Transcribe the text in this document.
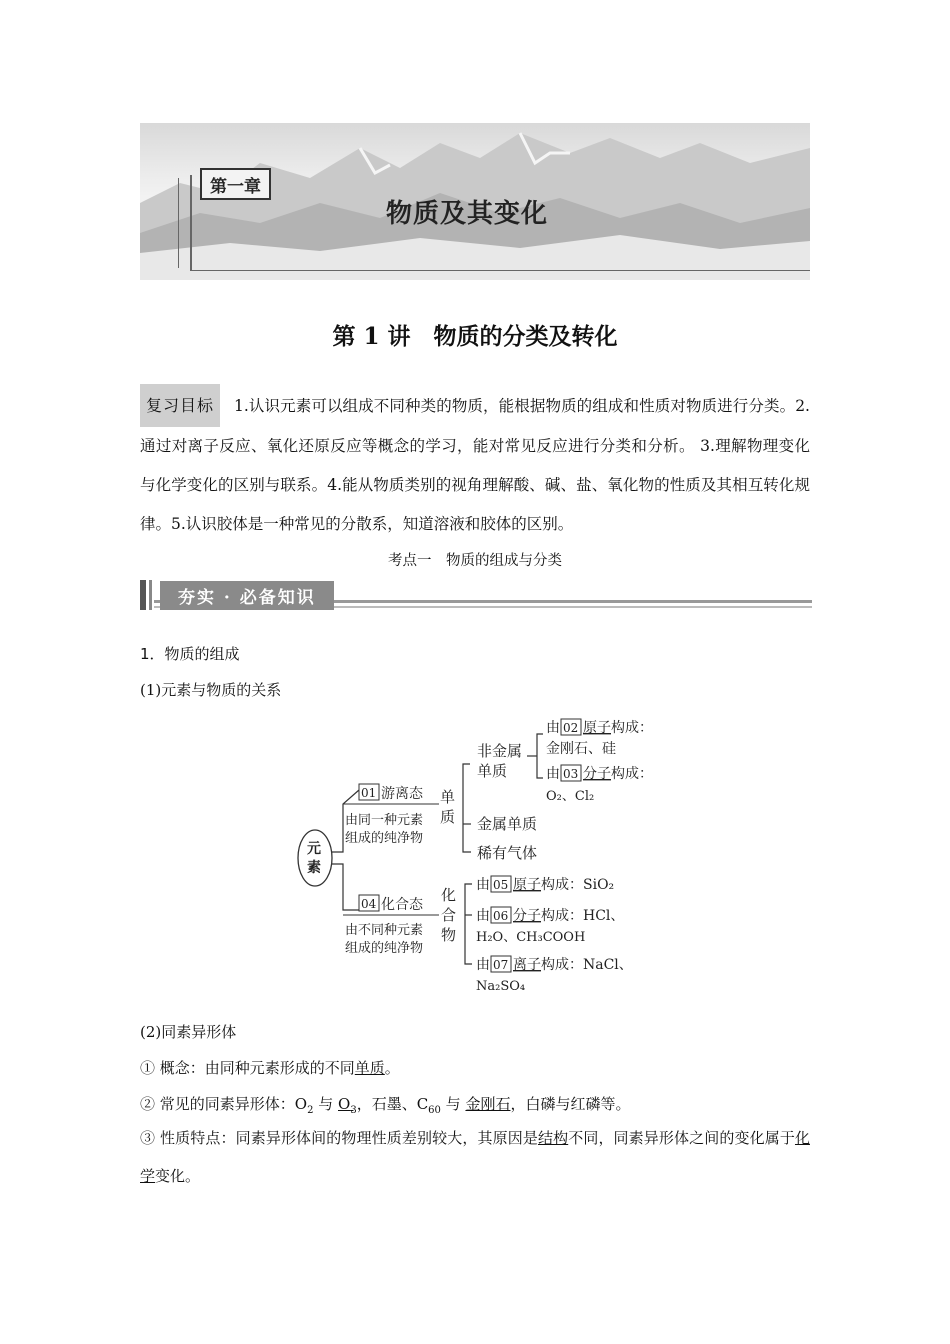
第一章
物质及其变化
第 1 讲　物质的分类及转化
复习目标 1.认识元素可以组成不同种类的物质，能根据物质的组成和性质对物质进行分类。2.通过对离子反应、氧化还原反应等概念的学习，能对常见反应进行分类和分析。 3.理解物理变化与化学变化的区别与联系。4.能从物质类别的视角理解酸、碱、盐、氧化物的性质及其相互转化规律。5.认识胶体是一种常见的分散系，知道溶液和胶体的区别。
考点一　物质的组成与分类
夯实 · 必备知识
1．物质的组成
(1)元素与物质的关系
元
素
01 游离态
由同一种元素
组成的纯净物
单
质
非金属
单质
由 02 原子 构成：
金刚石、硅
由 03 分子 构成：
O₂、Cl₂
金属单质
稀有气体
04 化合态
由不同种元素
组成的纯净物
化
合
物
由 05 原子 构成：SiO₂
由 06 分子 构成：HCl、
H₂O、CH₃COOH
由 07 离子 构成：NaCl、
Na₂SO₄
(2)同素异形体
① 概念：由同种元素形成的不同单质。
② 常见的同素异形体：$O_2$ 与 $O_3$，石墨、$C_{60}$ 与 金刚石，白磷与红磷等。
③ 性质特点：同素异形体间的物理性质差别较大，其原因是结构不同，同素异形体之间的变化属于化学变化。
